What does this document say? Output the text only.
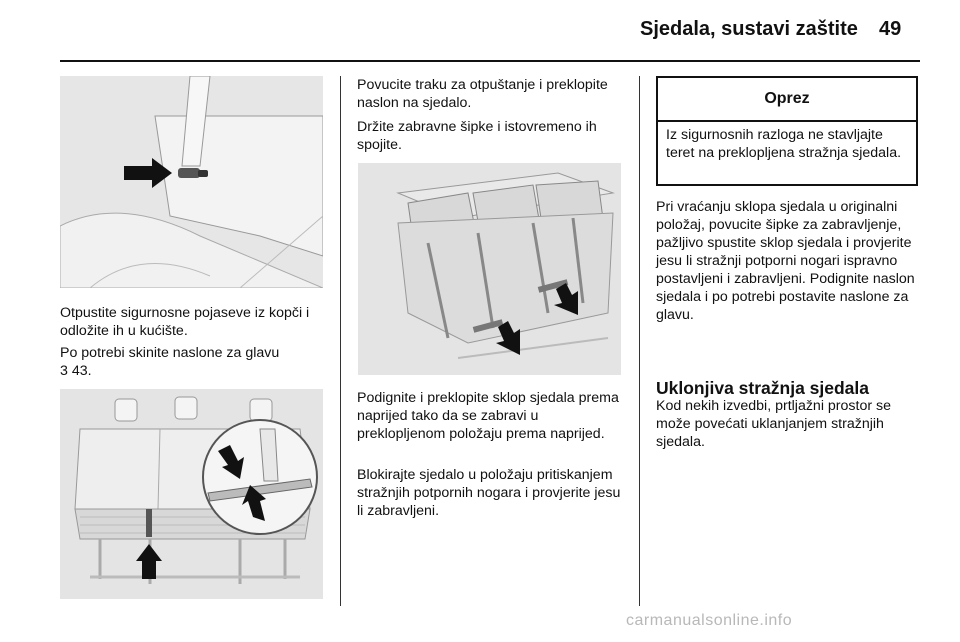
Sjedala, sustavi zaštite 49

Otpustite sigurnosne pojaseve iz kopči i odložite ih u kućište.

Po potrebi skinite naslone za glavu
3 43.

Povucite traku za otpuštanje i preklopite naslon na sjedalo.

Držite zabravne šipke i istovremeno ih spojite.

Podignite i preklopite sklop sjedala prema naprijed tako da se zabravi u preklopljenom položaju prema naprijed.

Blokirajte sjedalo u položaju pritiskanjem stražnjih potpornih nogara i provjerite jesu li zabravljeni.

Oprez
Iz sigurnosnih razloga ne stavljajte teret na preklopljena stražnja sjedala.

Pri vraćanju sklopa sjedala u originalni položaj, povucite šipke za zabravljenje, pažljivo spustite sklop sjedala i provjerite jesu li stražnji potporni nogari ispravno postavljeni i zabravljeni. Podignite naslon sjedala i po potrebi postavite naslone za glavu.

Uklonjiva stražnja sjedala

Kod nekih izvedbi, prtljažni prostor se može povećati uklanjanjem stražnjih sjedala.

carmanualsonline.info
